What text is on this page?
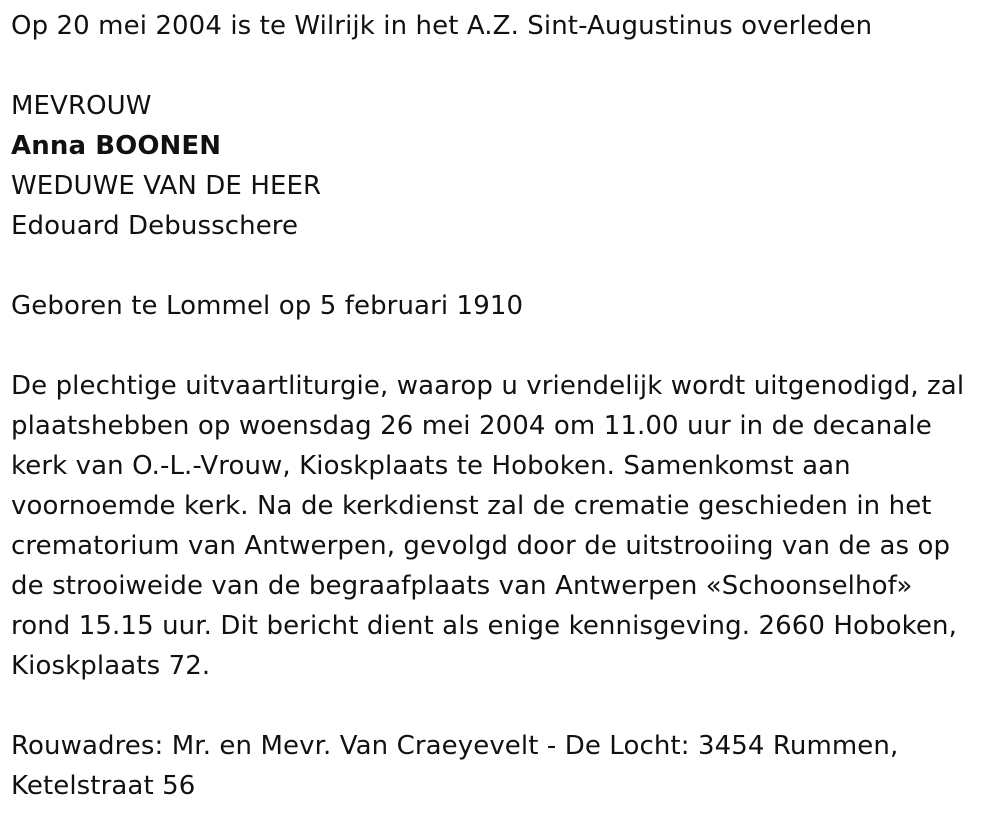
Op 20 mei 2004 is te Wilrijk in het A.Z. Sint-Augustinus overleden
MEVROUW
Anna BOONEN
WEDUWE VAN DE HEER
Edouard Debusschere
Geboren te Lommel op 5 februari 1910
De plechtige uitvaartliturgie, waarop u vriendelijk wordt uitgenodigd, zal
plaatshebben op woensdag 26 mei 2004 om 11.00 uur in de decanale
kerk van O.-L.-Vrouw, Kioskplaats te Hoboken. Samenkomst aan
voornoemde kerk. Na de kerkdienst zal de crematie geschieden in het
crematorium van Antwerpen, gevolgd door de uitstrooiing van de as op
de strooiweide van de begraafplaats van Antwerpen «Schoonselhof»
rond 15.15 uur. Dit bericht dient als enige kennisgeving. 2660 Hoboken,
Kioskplaats 72.
Rouwadres: Mr. en Mevr. Van Craeyevelt - De Locht: 3454 Rummen,
Ketelstraat 56
